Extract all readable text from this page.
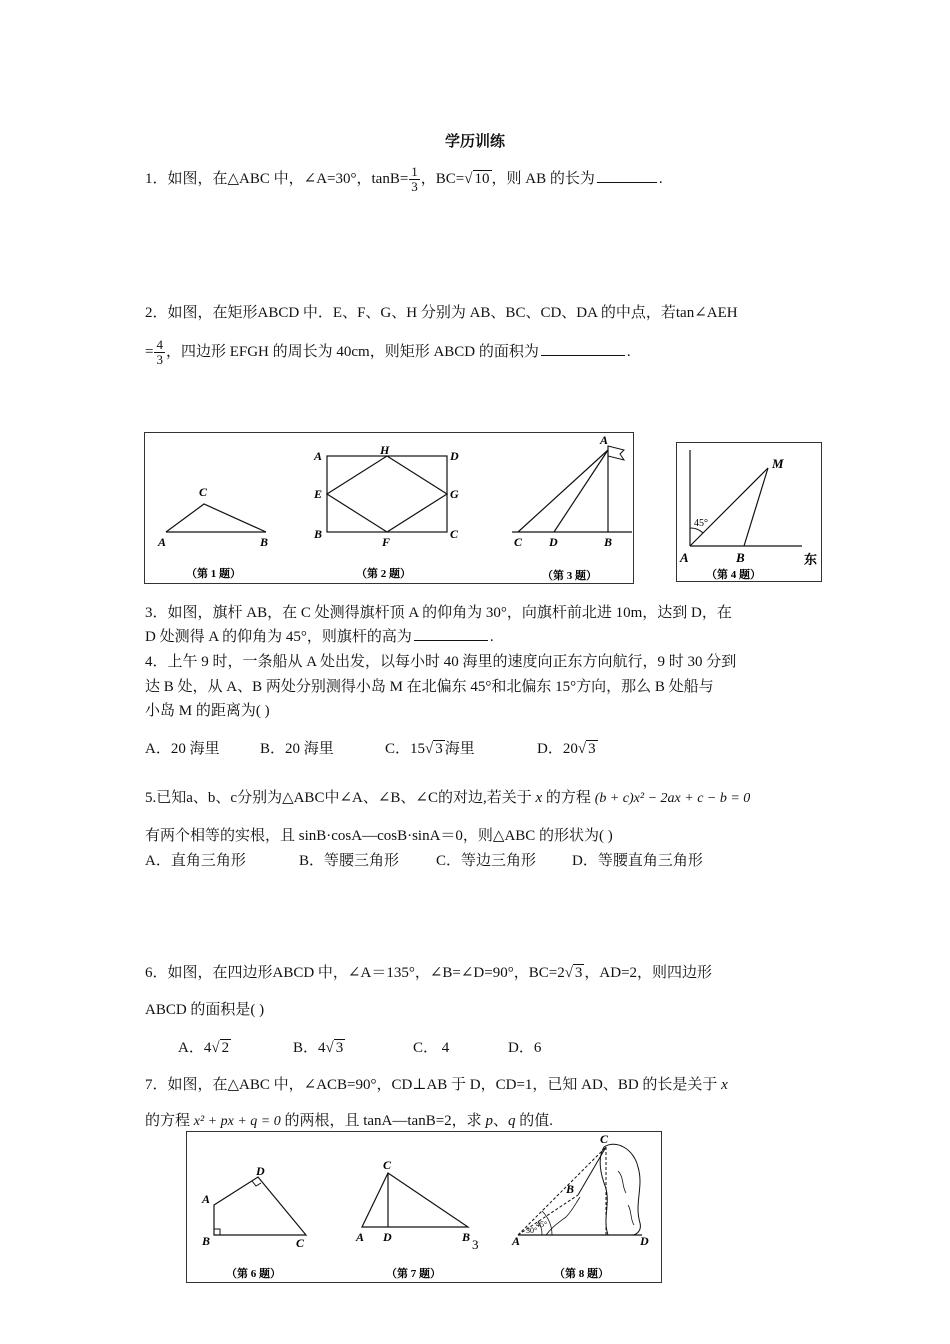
学历训练
1．如图，在△ABC 中，∠A=30°，$\tan B= \frac{1}{3}$ ，BC=√ 10 ，则 AB 的长为	.
2．如图，在矩形ABCD 中．E、F、G、H 分别为 AB、BC、CD、DA 的中点，若tan∠AEH
= $\frac{4}{3}$ ，四边形 EFGH 的周长为 40cm，则矩形 ABCD 的面积为	.
C
A	B
（第 1 题）
A	H	D
E	G
B
F
C
（第 2 题）
A
C D	B
（第 3 题）
M
45°
A	B	东
（第 4 题）
3．如图，旗杆 AB，在 C 处测得旗杆顶 A 的仰角为 30°，向旗杆前北进 10m，达到 D，在
D 处测得 A 的仰角为 45°，则旗杆的高为	.
4．上午 9 时，一条船从 A 处出发，以每小时 40 海里的速度向正东方向航行，9 时 30 分到
达 B 处，从 A、B 两处分别测得小岛 M 在北偏东 45°和北偏东 15°方向，那么 B 处船与
小岛 M 的距离为( )
A．20 海里	B．20 海里	C．15√ 3 海里	D．20√ 3
5.已知a、b、c分别为△ABC中∠A、∠B、∠C的对边,若关于 x 的方程 (b + c)x² − 2ax + c − b = 0
有两个相等的实根，且 sinB·cosA—cosB·sinA＝0，则△ABC 的形状为( )
A．直角三角形	B．等腰三角形 C．等边三角形 D．等腰直角三角形
6．如图，在四边形ABCD 中，∠A＝135°，∠B=∠D=90°，BC=2√ 3 ，AD=2，则四边形
ABCD 的面积是( )
A．4√ 2	B．4√ 3	C． 4	D．6
7．如图，在△ABC 中，∠ACB=90°，CD⊥AB 于 D，CD=1，已知 AD、BD 的长是关于 x
的方程 x² + px + q = 0 的两根，且 tanA—tanB=2，求 p、q 的值.
D
A
B	C
（第 6 题）
C
A D	B 3
（第 7 题）
C
B
A	D
45°
30°
（第 8 题）
